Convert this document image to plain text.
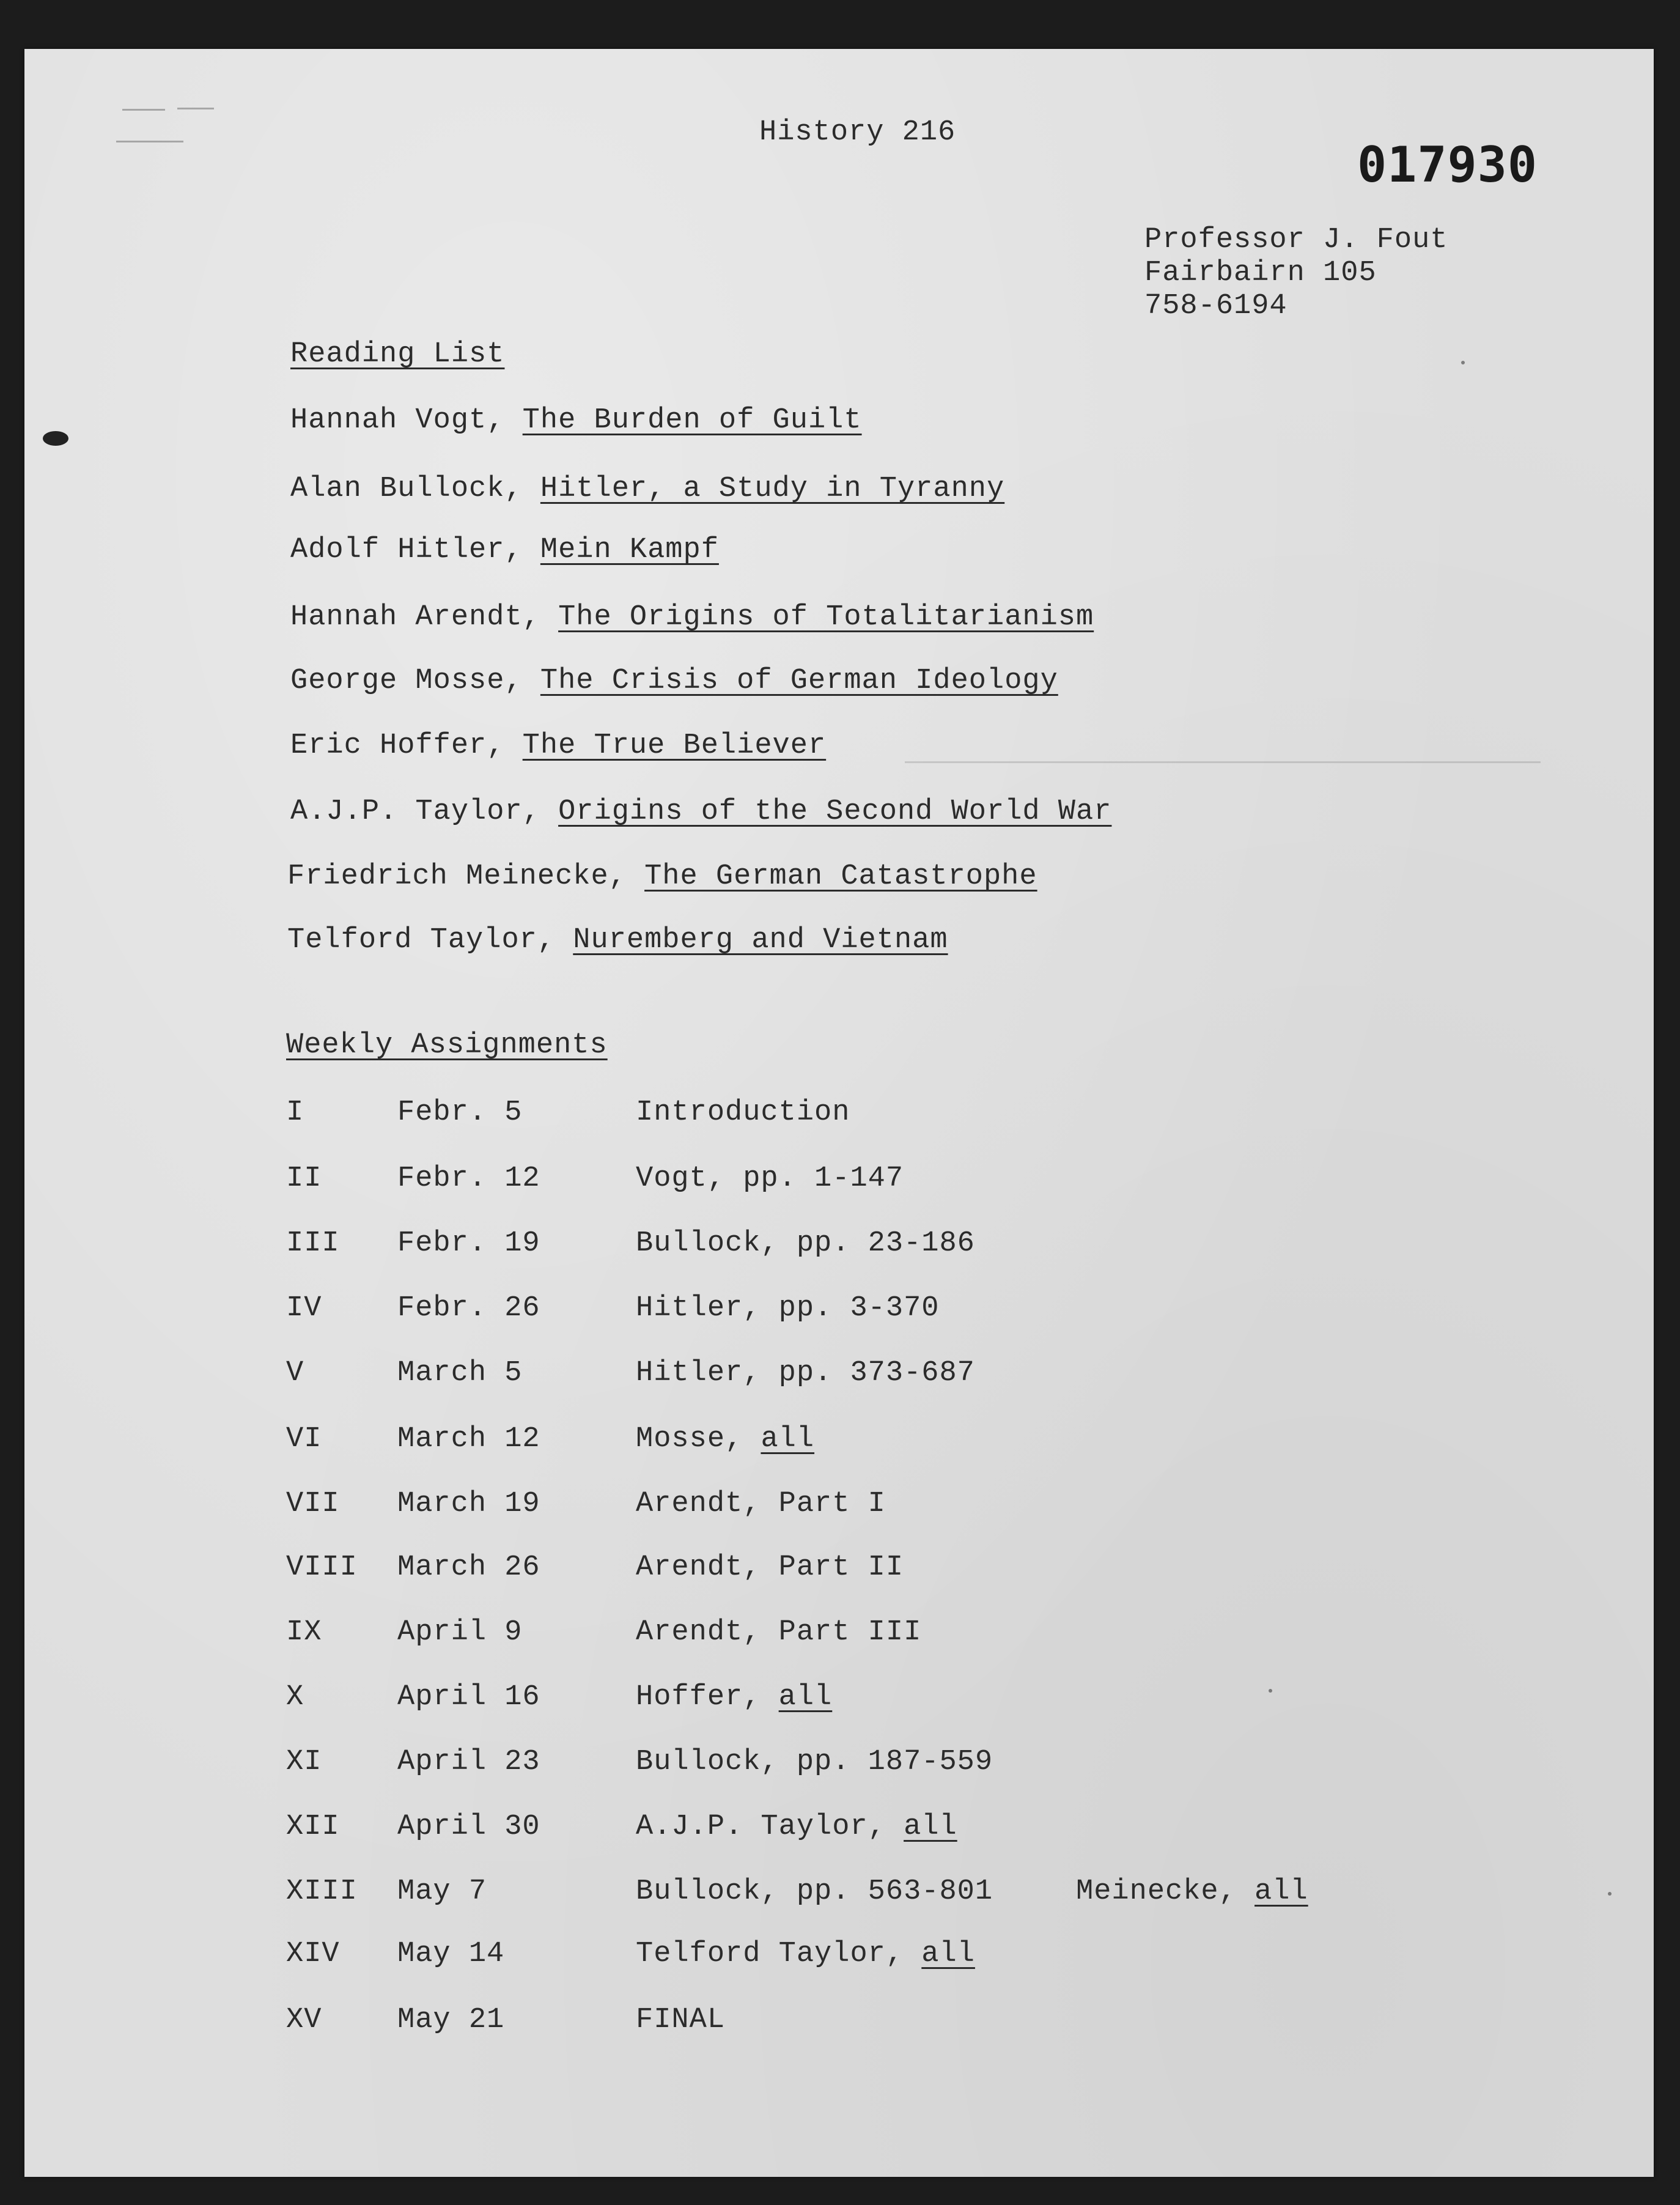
History 216
017930
Professor J. Fout
Fairbairn 105
758-6194
Reading List
Hannah Vogt, The Burden of Guilt
Alan Bullock, Hitler, a Study in Tyranny
Adolf Hitler, Mein Kampf
Hannah Arendt, The Origins of Totalitarianism
George Mosse, The Crisis of German Ideology
Eric Hoffer, The True Believer
A.J.P. Taylor, Origins of the Second World War
Friedrich Meinecke, The German Catastrophe
Telford Taylor, Nuremberg and Vietnam
Weekly Assignments
I	Febr. 5	Introduction
II	Febr. 12	Vogt, pp. 1-147
III Febr. 19	Bullock, pp. 23-186
IV	Febr. 26	Hitler, pp. 3-370
V	March 5	Hitler, pp. 373-687
VI	March 12	Mosse, all
VII March 19	Arendt, Part I
VIII March 26	Arendt, Part II
IX	April 9	Arendt, Part III
X	April 16	Hoffer, all
XI	April 23	Bullock, pp. 187-559
XII April 30	A.J.P. Taylor, all
XIII May 7	Bullock, pp. 563-801	Meinecke, all
XIV May 14	Telford Taylor, all
XV	May 21	FINAL
